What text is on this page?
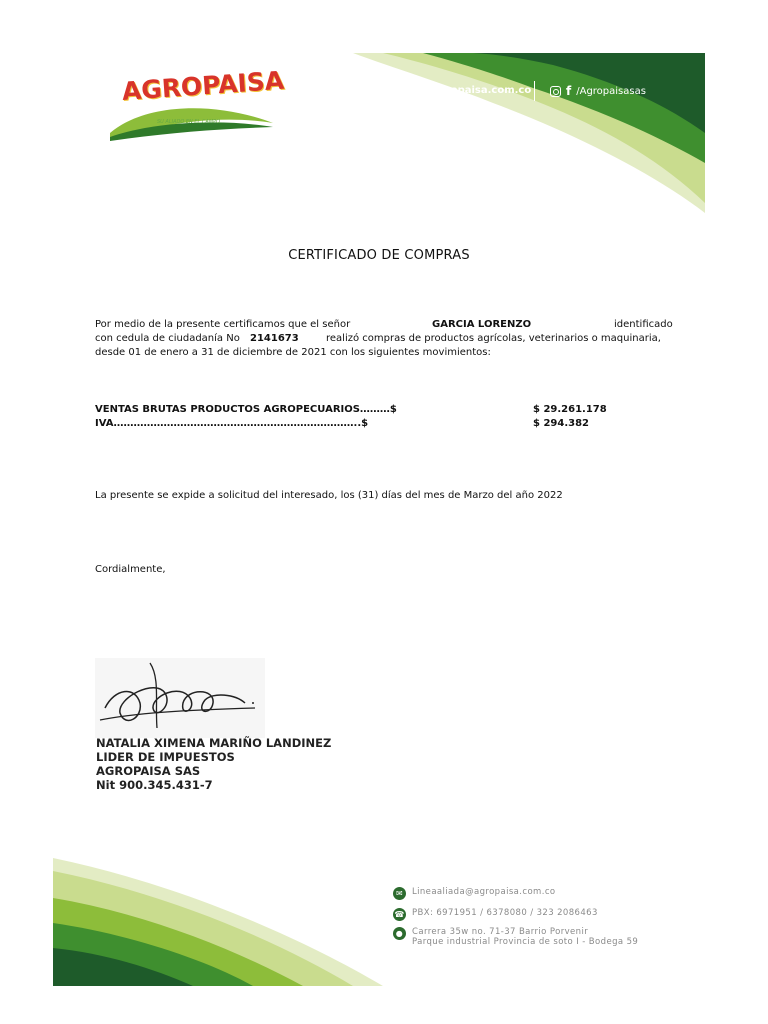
AGROPAISA
SU ALIADO EN EL CAMPO
www.agropaisa.com.co	f /Agropaisasas
CERTIFICADO DE COMPRAS
Por medio de la presente certificamos que el señor	GARCIA LORENZO	identificado
con cedula de ciudadanía No 2141673	realizó compras de productos agrícolas, veterinarios o maquinaria,
desde 01 de enero a 31 de diciembre de 2021 con los siguientes movimientos:
VENTAS BRUTAS PRODUCTOS AGROPECUARIOS………$	$ 29.261.178
IVA………………………………………………………………..$	$ 294.382
La presente se expide a solicitud del interesado, los (31) días del mes de Marzo del año 2022
Cordialmente,
NATALIA XIMENA MARIÑO LANDINEZ
LIDER DE IMPUESTOS
AGROPAISA SAS
Nit 900.345.431-7
✉	Lineaaliada@agropaisa.com.co
☎ PBX: 6971951 / 6378080 / 323 2086463
●	Carrera 35w no. 71-37 Barrio Porvenir
Parque industrial Provincia de soto I - Bodega 59
